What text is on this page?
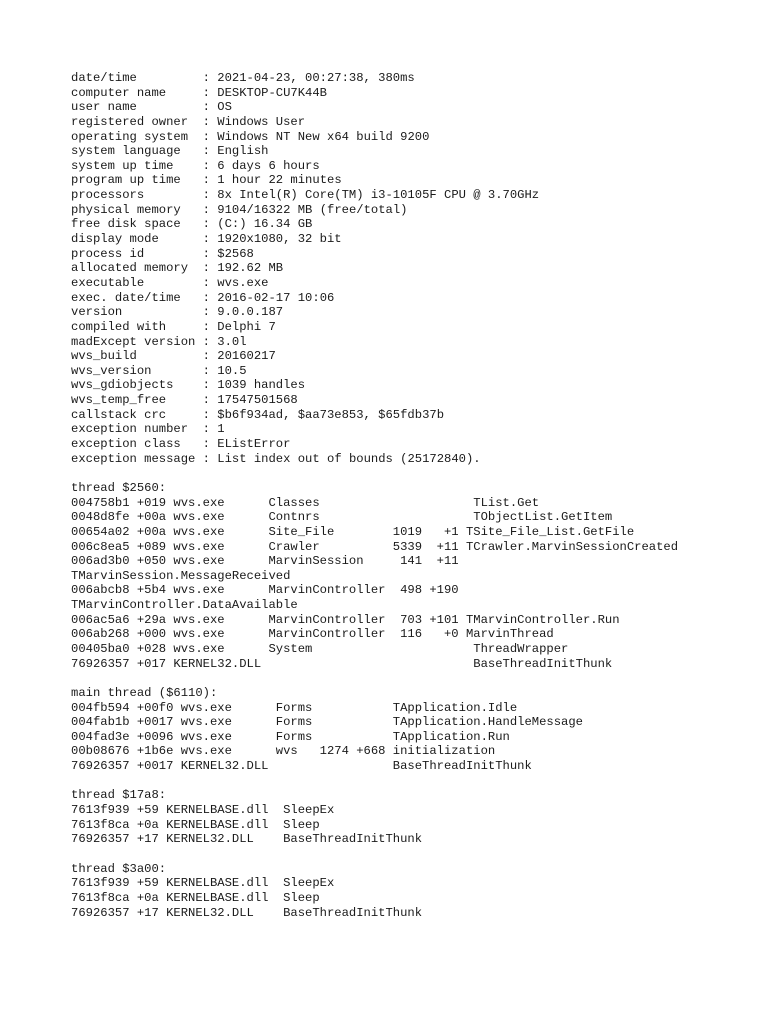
date/time         : 2021-04-23, 00:27:38, 380ms
computer name     : DESKTOP-CU7K44B
user name         : OS
registered owner  : Windows User
operating system  : Windows NT New x64 build 9200
system language   : English
system up time    : 6 days 6 hours
program up time   : 1 hour 22 minutes
processors        : 8x Intel(R) Core(TM) i3-10105F CPU @ 3.70GHz
physical memory   : 9104/16322 MB (free/total)
free disk space   : (C:) 16.34 GB
display mode      : 1920x1080, 32 bit
process id        : $2568
allocated memory  : 192.62 MB
executable        : wvs.exe
exec. date/time   : 2016-02-17 10:06
version           : 9.0.0.187
compiled with     : Delphi 7
madExcept version : 3.0l
wvs_build         : 20160217
wvs_version       : 10.5
wvs_gdiobjects    : 1039 handles
wvs_temp_free     : 17547501568
callstack crc     : $b6f934ad, $aa73e853, $65fdb37b
exception number  : 1
exception class   : EListError
exception message : List index out of bounds (25172840).
thread $2560:
004758b1 +019 wvs.exe      Classes                     TList.Get
0048d8fe +00a wvs.exe      Contnrs                     TObjectList.GetItem
00654a02 +00a wvs.exe      Site_File        1019   +1 TSite_File_List.GetFile
006c8ea5 +089 wvs.exe      Crawler          5339  +11 TCrawler.MarvinSessionCreated
006ad3b0 +050 wvs.exe      MarvinSession     141  +11
TMarvinSession.MessageReceived
006abcb8 +5b4 wvs.exe      MarvinController  498 +190
TMarvinController.DataAvailable
006ac5a6 +29a wvs.exe      MarvinController  703 +101 TMarvinController.Run
006ab268 +000 wvs.exe      MarvinController  116   +0 MarvinThread
00405ba0 +028 wvs.exe      System                      ThreadWrapper
76926357 +017 KERNEL32.DLL                             BaseThreadInitThunk
main thread ($6110):
004fb594 +00f0 wvs.exe      Forms           TApplication.Idle
004fab1b +0017 wvs.exe      Forms           TApplication.HandleMessage
004fad3e +0096 wvs.exe      Forms           TApplication.Run
00b08676 +1b6e wvs.exe      wvs   1274 +668 initialization
76926357 +0017 KERNEL32.DLL                 BaseThreadInitThunk
thread $17a8:
7613f939 +59 KERNELBASE.dll  SleepEx
7613f8ca +0a KERNELBASE.dll  Sleep
76926357 +17 KERNEL32.DLL    BaseThreadInitThunk
thread $3a00:
7613f939 +59 KERNELBASE.dll  SleepEx
7613f8ca +0a KERNELBASE.dll  Sleep
76926357 +17 KERNEL32.DLL    BaseThreadInitThunk
